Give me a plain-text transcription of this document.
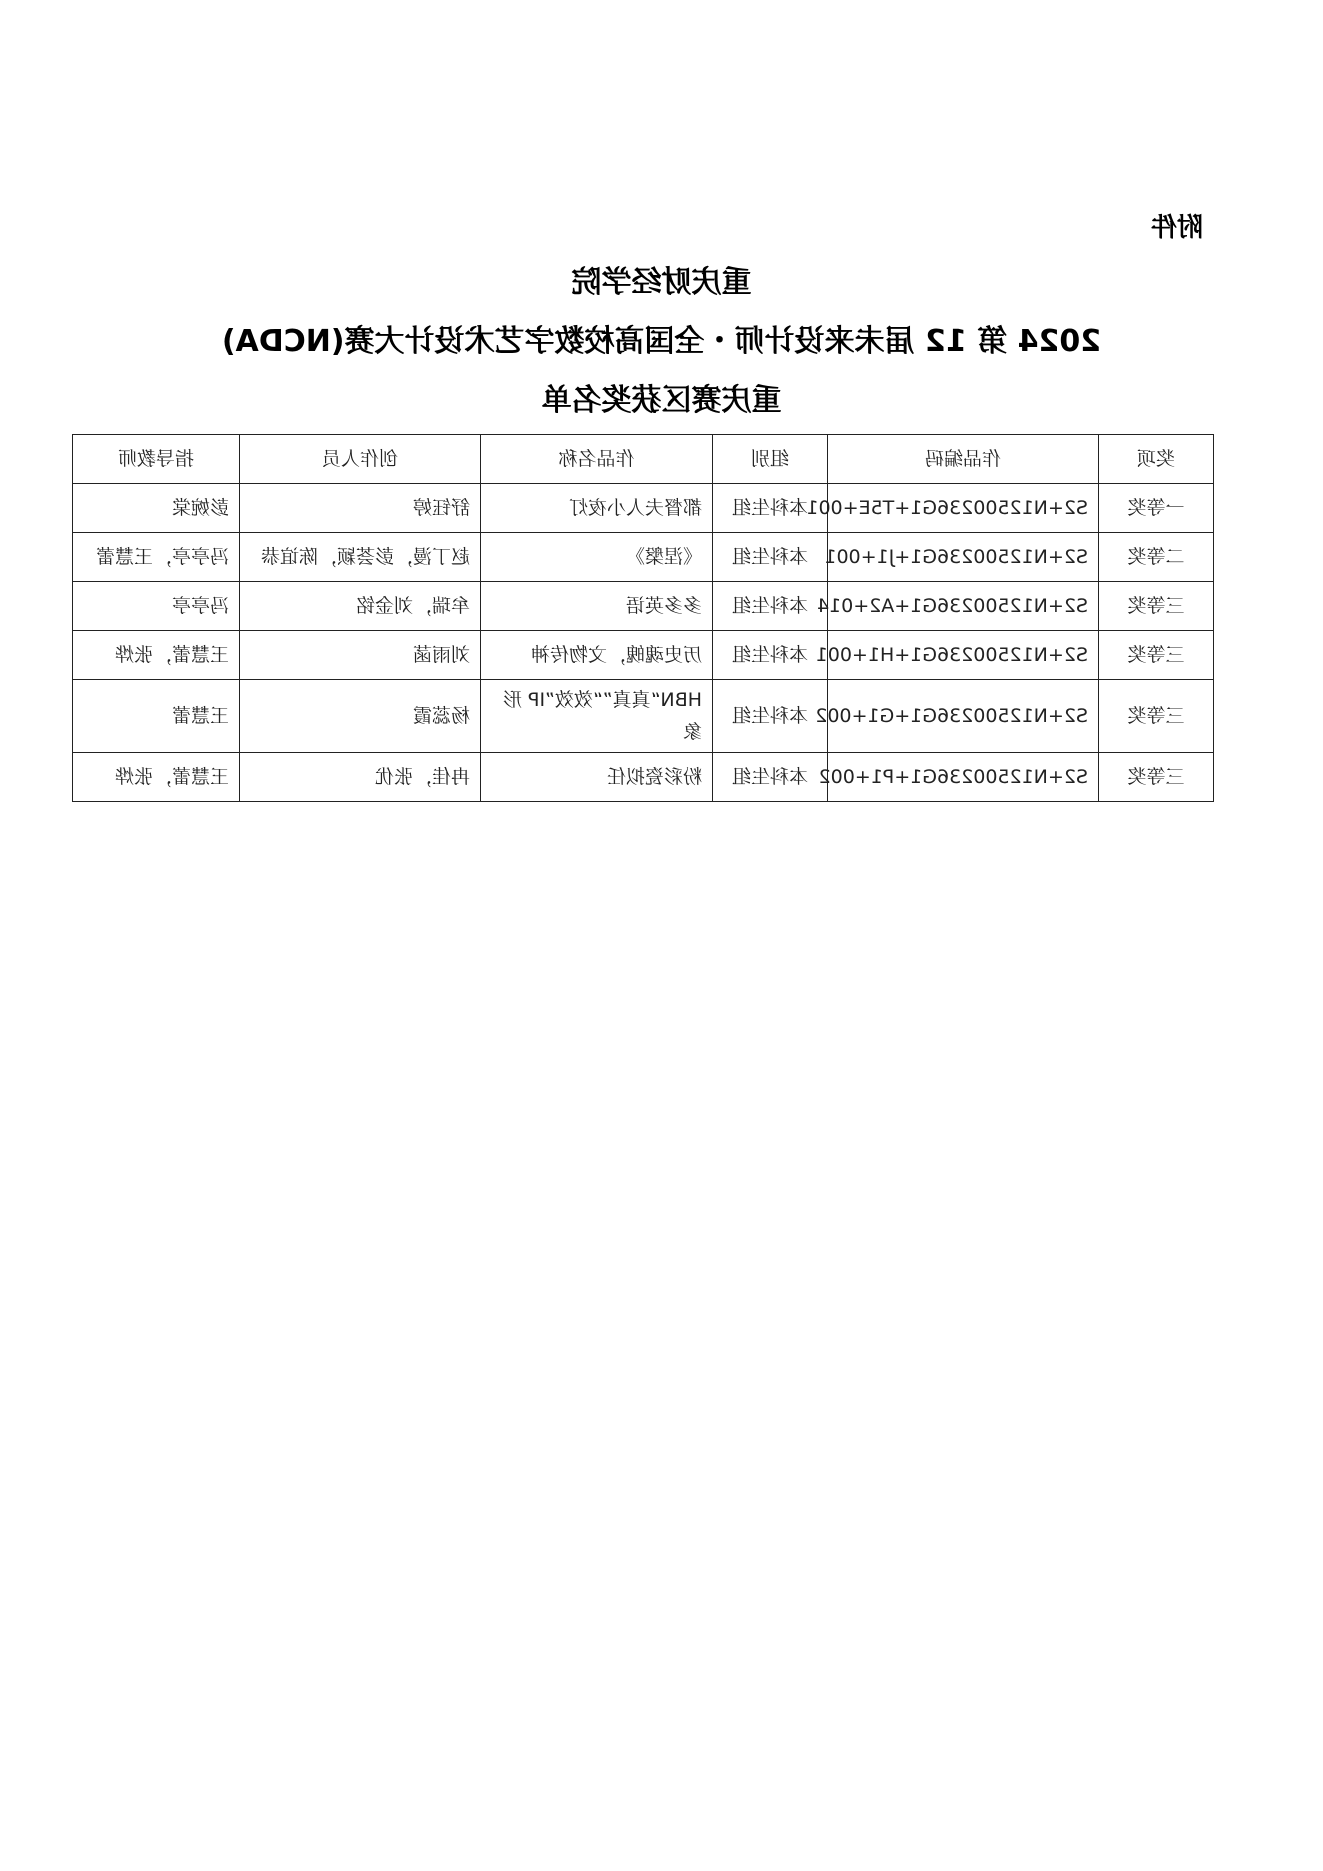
附件
重庆财经学院
2024 第 12 届未来设计师・全国高校数字艺术设计大赛(NCDA)
重庆赛区获奖名单
奖项	作品编码	组别	作品名称	创作人员	指导教师
一等奖	S2+N12500236G1+T5E+001	本科生组	都督夫人小夜灯	舒钰婷	彭婉棠
二等奖	S2+N12500236G1+J1+001	本科生组	《涅槃》	赵丁漫，彭荟颖，陈谊恭	冯亭亭，王慧蕾
三等奖	S2+N12500236G1+A2+014	本科生组	多多英语	牟瑞，刘金铭	冯亭亭
三等奖	S2+N12500236G1+H1+001	本科生组	历史魂魄，文物传神	刘雨菡	王慧蕾，张烨
三等奖	S2+N12500236G1+G1+002	本科生组	HBN“真真”“效效”IP 形象	杨蕊霞	王慧蕾
三等奖	S2+N12500236G1+P1+002	本科生组	粉彩瓷拟任	冉佳，张优	王慧蕾，张烨
